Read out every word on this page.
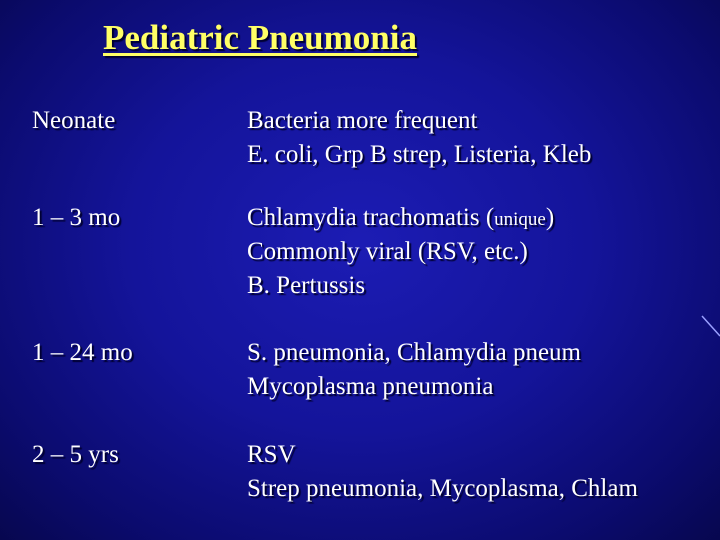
Pediatric Pneumonia
Neonate	Bacteria more frequent
E. coli, Grp B strep, Listeria, Kleb
1 – 3 mo	Chlamydia trachomatis (unique)
Commonly viral (RSV, etc.)
B. Pertussis
1 – 24 mo	S. pneumonia, Chlamydia pneum
Mycoplasma pneumonia
2 – 5 yrs	RSV
Strep pneumonia, Mycoplasma, Chlam
